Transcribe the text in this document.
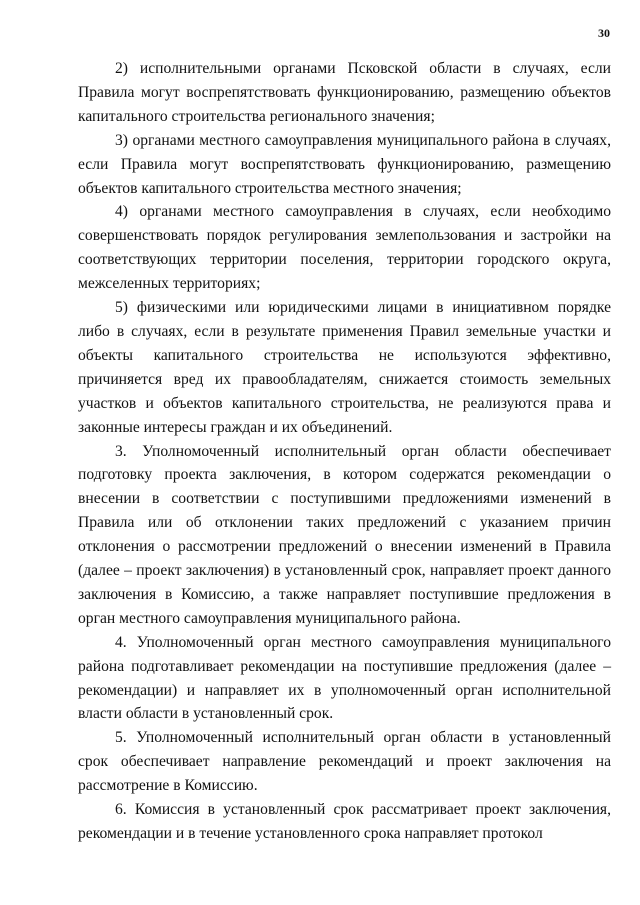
30

2) исполнительными органами Псковской области в случаях, если Правила могут воспрепятствовать функционированию, размещению объектов капитального строительства регионального значения;

3) органами местного самоуправления муниципального района в случаях, если Правила могут воспрепятствовать функционированию, размещению объектов капитального строительства местного значения;

4) органами местного самоуправления в случаях, если необходимо совершенствовать порядок регулирования землепользования и застройки на соответствующих территории поселения, территории городского округа, межселенных территориях;

5) физическими или юридическими лицами в инициативном порядке либо в случаях, если в результате применения Правил земельные участки и объекты капитального строительства не используются эффективно, причиняется вред их правообладателям, снижается стоимость земельных участков и объектов капитального строительства, не реализуются права и законные интересы граждан и их объединений.

3. Уполномоченный исполнительный орган области обеспечивает подготовку проекта заключения, в котором содержатся рекомендации о внесении в соответствии с поступившими предложениями изменений в Правила или об отклонении таких предложений с указанием причин отклонения о рассмотрении предложений о внесении изменений в Правила (далее – проект заключения) в установленный срок, направляет проект данного заключения в Комиссию, а также направляет поступившие предложения в орган местного самоуправления муниципального района.

4. Уполномоченный орган местного самоуправления муниципального района подготавливает рекомендации на поступившие предложения (далее – рекомендации) и направляет их в уполномоченный орган исполнительной власти области в установленный срок.

5. Уполномоченный исполнительный орган области в установленный срок обеспечивает направление рекомендаций и проект заключения на рассмотрение в Комиссию.

6. Комиссия в установленный срок рассматривает проект заключения, рекомендации и в течение установленного срока направляет протокол
